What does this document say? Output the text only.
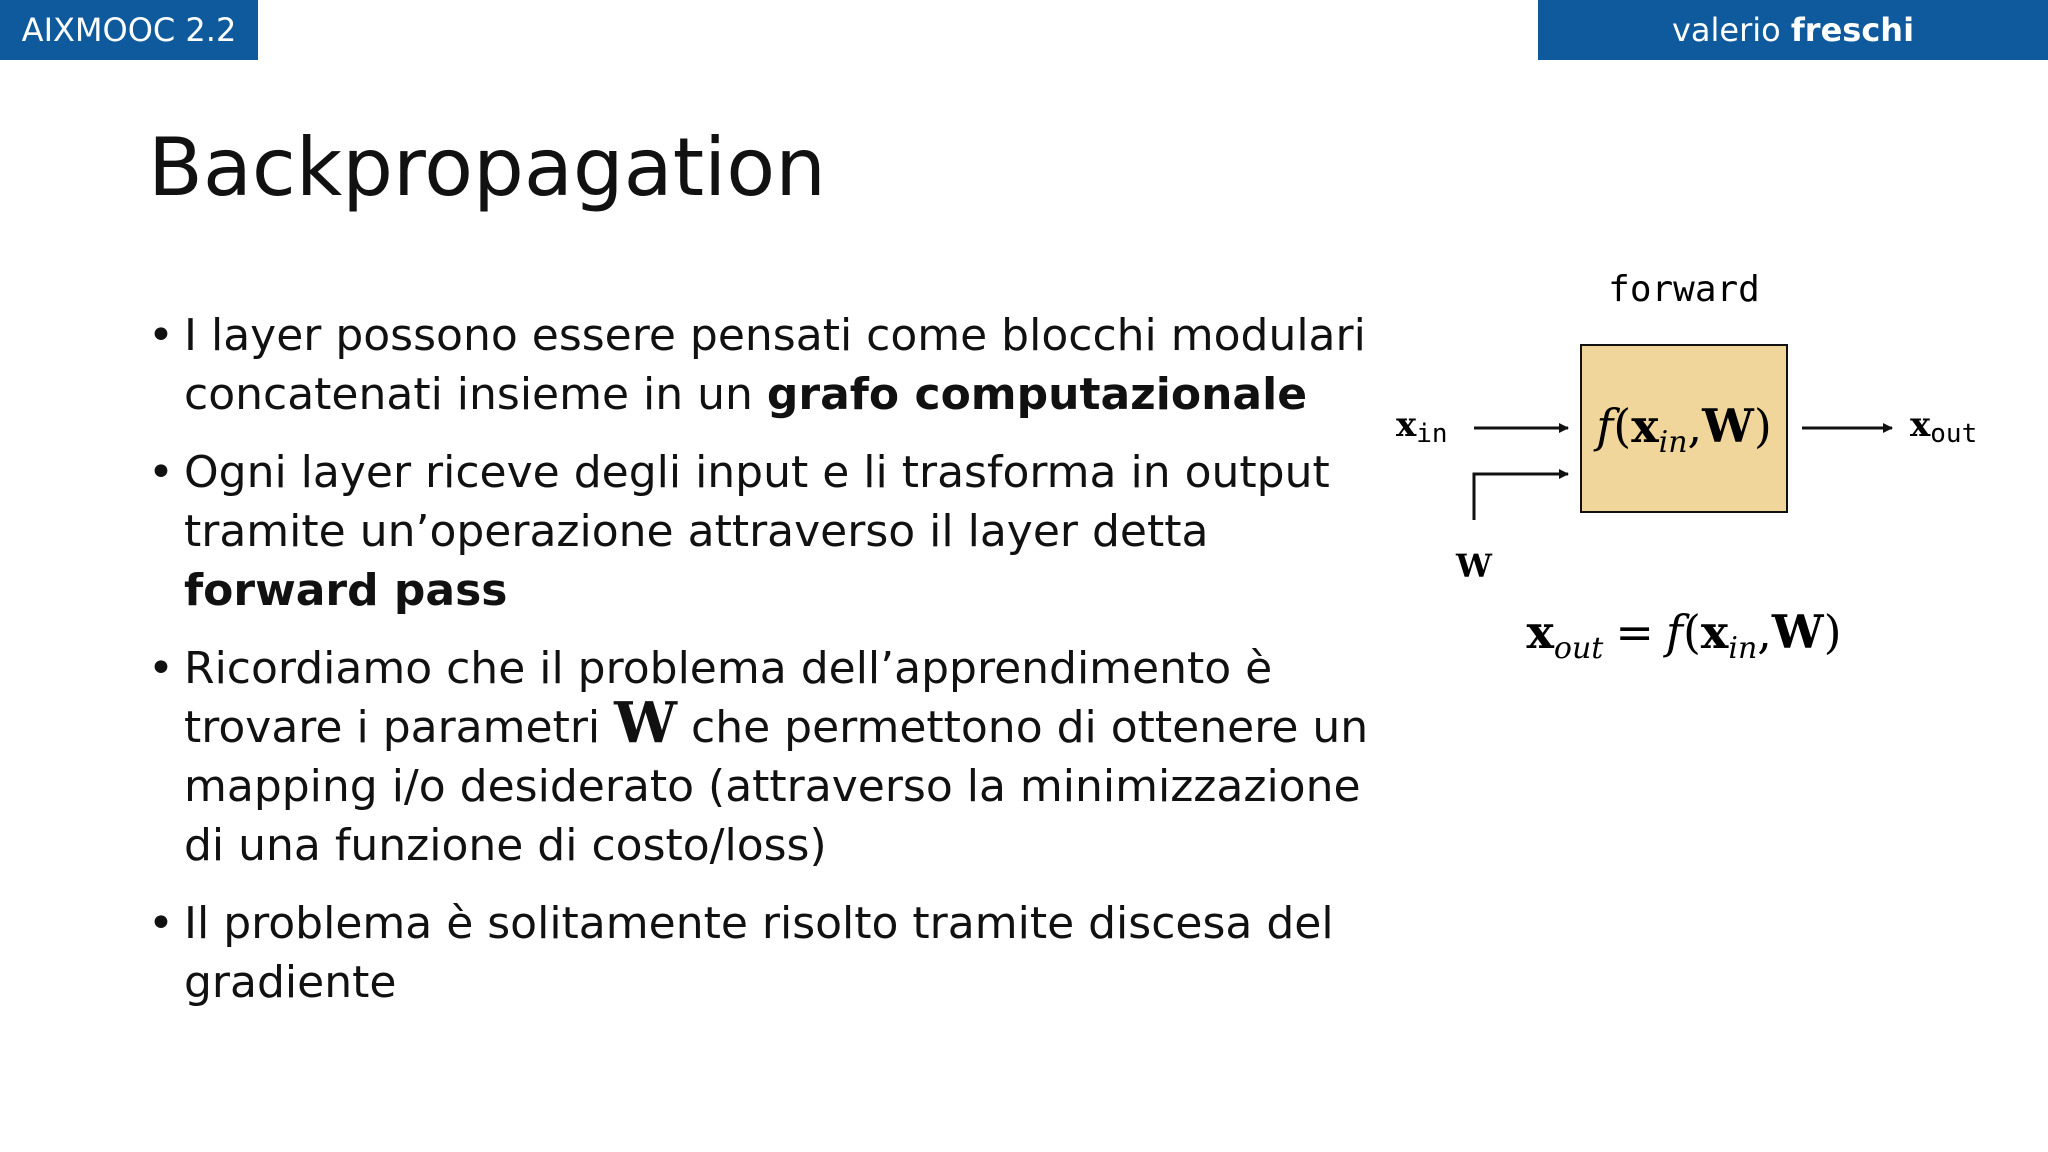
AIXMOOC 2.2	valerio freschi
Backpropagation
• I layer possono essere pensati come blocchi modulari concatenati insieme in un grafo computazionale
• Ogni layer riceve degli input e li trasforma in output tramite un’operazione attraverso il layer detta forward pass
• Ricordiamo che il problema dell’apprendimento è trovare i parametri W che permettono di ottenere un mapping i/o desiderato (attraverso la minimizzazione di una funzione di costo/loss)
• Il problema è solitamente risolto tramite discesa del gradiente
forward
$f(x_{in},W)$
xin
W
xout
$x_{out} = f(x_{in},W)$
